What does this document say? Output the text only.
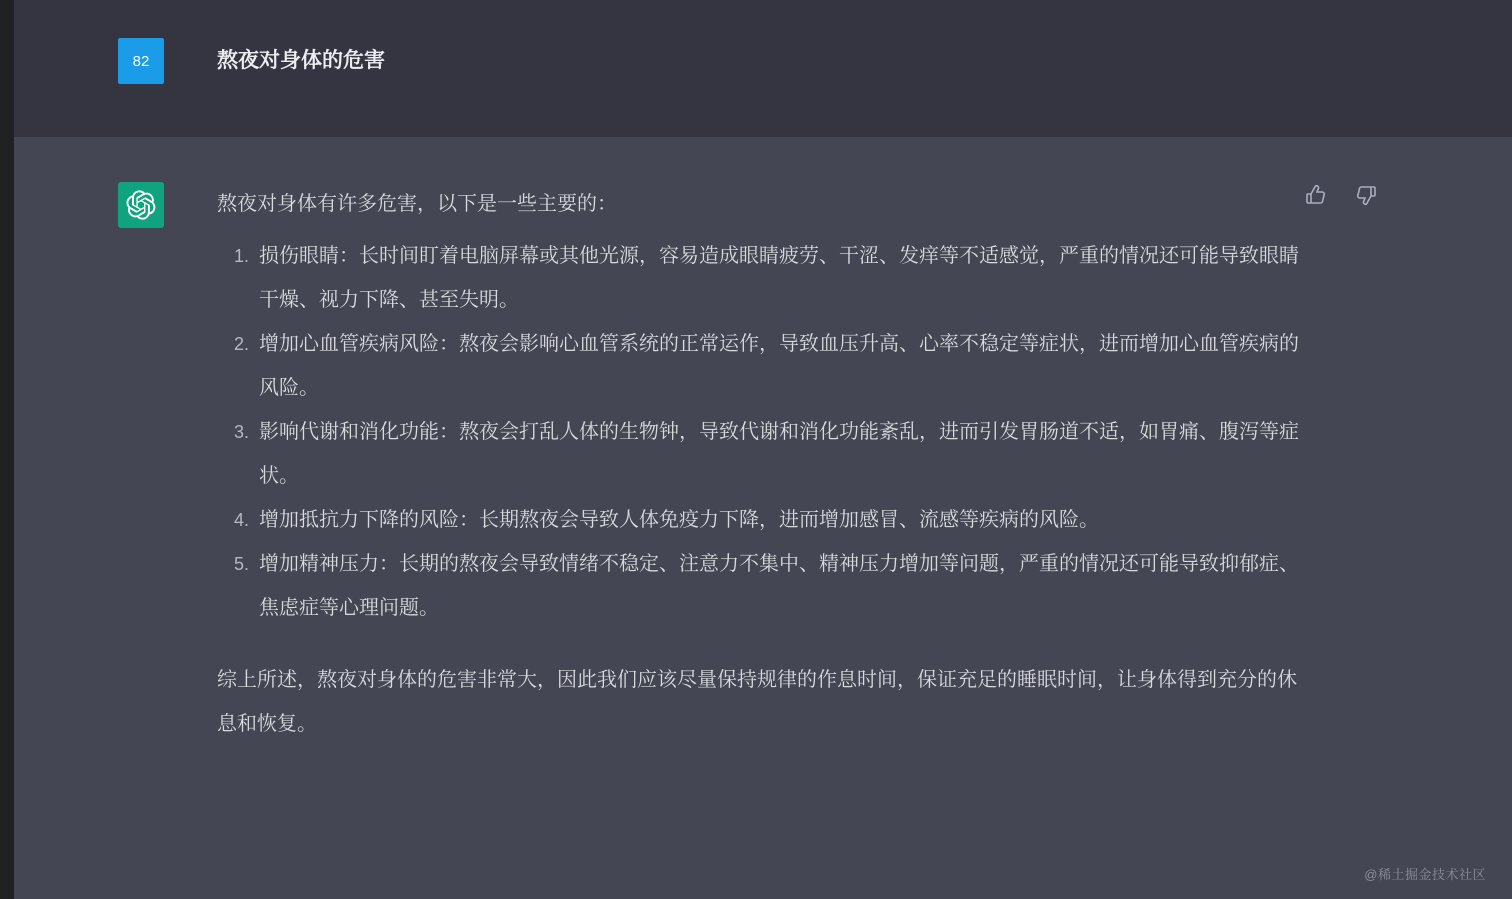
82	熬夜对身体的危害

熬夜对身体有许多危害，以下是一些主要的：

损伤眼睛：长时间盯着电脑屏幕或其他光源，容易造成眼睛疲劳、干涩、发痒等不适感觉，严重的情况还可能导致眼睛干燥、视力下降、甚至失明。
增加心血管疾病风险：熬夜会影响心血管系统的正常运作，导致血压升高、心率不稳定等症状，进而增加心血管疾病的风险。
影响代谢和消化功能：熬夜会打乱人体的生物钟，导致代谢和消化功能紊乱，进而引发胃肠道不适，如胃痛、腹泻等症状。
增加抵抗力下降的风险：长期熬夜会导致人体免疫力下降，进而增加感冒、流感等疾病的风险。
增加精神压力：长期的熬夜会导致情绪不稳定、注意力不集中、精神压力增加等问题，严重的情况还可能导致抑郁症、焦虑症等心理问题。

综上所述，熬夜对身体的危害非常大，因此我们应该尽量保持规律的作息时间，保证充足的睡眠时间，让身体得到充分的休息和恢复。

@稀土掘金技术社区
